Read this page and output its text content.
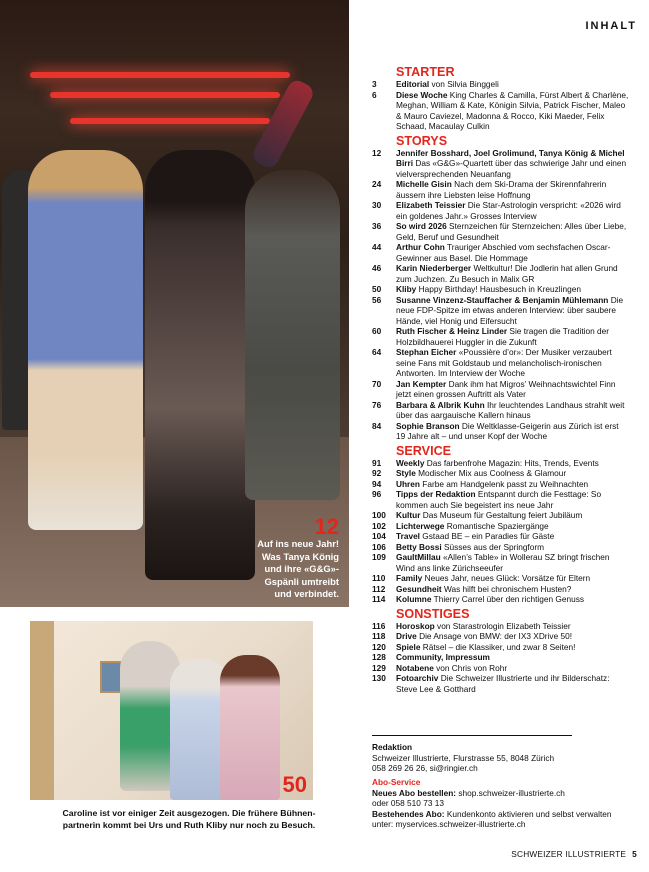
12
Auf ins neue Jahr!
Was Tanya König
und ihre «G&G»-
Gspänli umtreibt
und verbindet.
50
Caroline ist vor einiger Zeit ausgezogen. Die frühere Bühnen-
partnerin kommt bei Urs und Ruth Kliby nur noch zu Besuch.
INHALT
STARTER
3	Editorial von Silvia Binggeli
6	Diese Woche King Charles & Camilla, Fürst Albert & Charlène, Meghan, William & Kate, Königin Silvia, Patrick Fischer, Maleo & Mauro Caviezel, Madonna & Rocco, Kiki Maeder, Felix Schaad, Macaulay Culkin
STORYS
12	Jennifer Bosshard, Joel Grolimund, Tanya König & Michel Birri Das «G&G»-Quartett über das schwierige Jahr und einen vielversprechenden Neuanfang
24	Michelle Gisin Nach dem Ski-Drama der Skirennfahrerin äussern ihre Liebsten leise Hoffnung
30	Elizabeth Teissier Die Star-Astrologin verspricht: «2026 wird ein goldenes Jahr.» Grosses Interview
36	So wird 2026 Sternzeichen für Sternzeichen: Alles über Liebe, Geld, Beruf und Gesundheit
44	Arthur Cohn Trauriger Abschied vom sechsfachen Oscar-Gewinner aus Basel. Die Hommage
46	Karin Niederberger Weltkultur! Die Jodlerin hat allen Grund zum Juchzen. Zu Besuch in Malix GR
50	Kliby Happy Birthday! Hausbesuch in Kreuzlingen
56	Susanne Vinzenz-Stauffacher & Benjamin Mühlemann Die neue FDP-Spitze im etwas anderen Interview: über saubere Hände, viel Honig und Eifersucht
60	Ruth Fischer & Heinz Linder Sie tragen die Tradition der Holzbildhauerei Huggler in die Zukunft
64	Stephan Eicher «Poussière d’or»: Der Musiker verzaubert seine Fans mit Goldstaub und melancholisch-ironischen Antworten. Im Interview der Woche
70	Jan Kempter Dank ihm hat Migros’ Weihnachtswichtel Finn jetzt einen grossen Auftritt als Vater
76	Barbara & Albrik Kuhn Ihr leuchtendes Landhaus strahlt weit über das aargauische Kallern hinaus
84	Sophie Branson Die Weltklasse-Geigerin aus Zürich ist erst 19 Jahre alt – und unser Kopf der Woche
SERVICE
91	Weekly Das farbenfrohe Magazin: Hits, Trends, Events
92	Style Modischer Mix aus Coolness & Glamour
94	Uhren Farbe am Handgelenk passt zu Weihnachten
96	Tipps der Redaktion Entspannt durch die Festtage: So kommen auch Sie begeistert ins neue Jahr
100	Kultur Das Museum für Gestaltung feiert Jubiläum
102	Lichterwege Romantische Spaziergänge
104	Travel Gstaad BE – ein Paradies für Gäste
106	Betty Bossi Süsses aus der Springform
109	GaultMillau «Allen’s Table» in Wollerau SZ bringt frischen Wind ans linke Zürichseeufer
110	Family Neues Jahr, neues Glück: Vorsätze für Eltern
112	Gesundheit Was hilft bei chronischem Husten?
114	Kolumne Thierry Carrel über den richtigen Genuss
SONSTIGES
116	Horoskop von Starastrologin Elizabeth Teissier
118	Drive Die Ansage von BMW: der IX3 XDrive 50!
120	Spiele Rätsel – die Klassiker, und zwar 8 Seiten!
128	Community, Impressum
129	Notabene von Chris von Rohr
130	Fotoarchiv Die Schweizer Illustrierte und ihr Bilderschatz: Steve Lee & Gotthard
Redaktion
Schweizer Illustrierte, Flurstrasse 55, 8048 Zürich
058 269 26 26, si@ringier.ch
Abo-Service
Neues Abo bestellen: shop.schweizer-illustrierte.ch
oder 058 510 73 13
Bestehendes Abo: Kundenkonto aktivieren und selbst verwalten unter: myservices.schweizer-illustrierte.ch
SCHWEIZER ILLUSTRIERTE 5
